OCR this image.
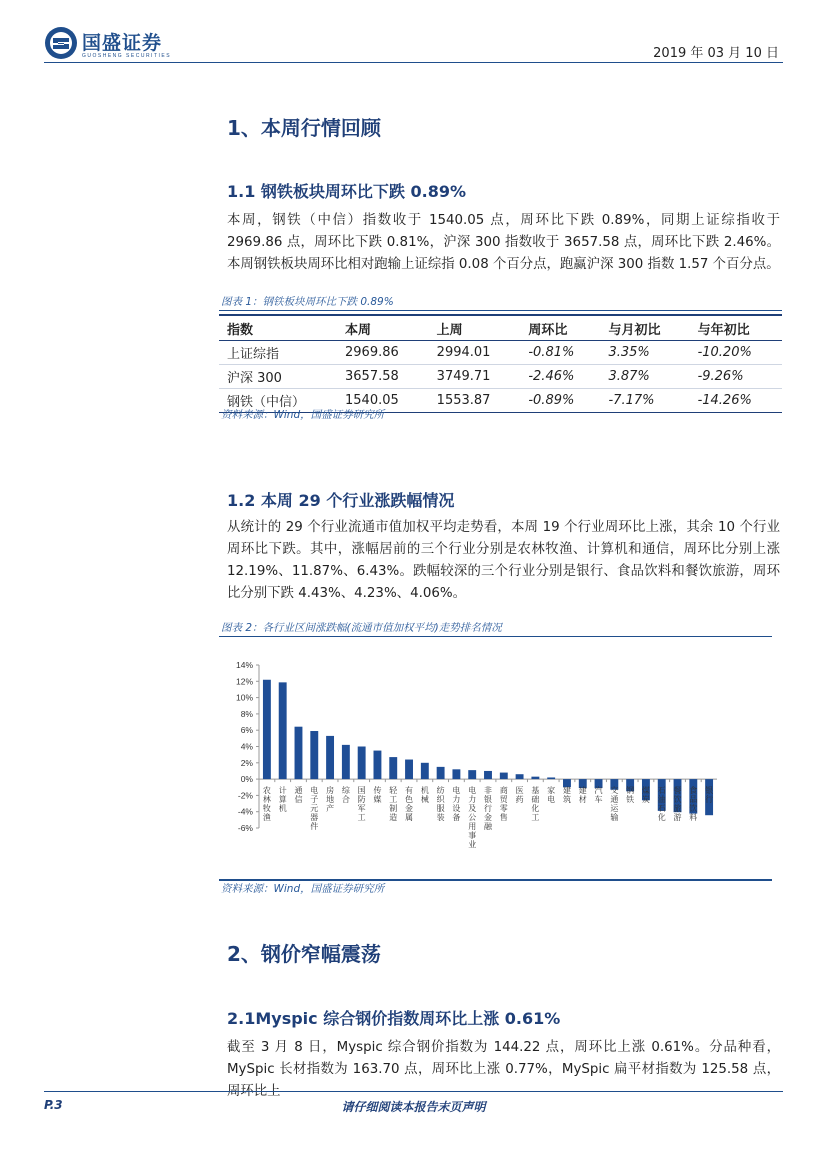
国盛证券
GUOSHENG SECURITIES	2019 年 03 月 10 日
1、本周行情回顾
1.1 钢铁板块周环比下跌 0.89%
本周，钢铁（中信）指数收于 1540.05 点，周环比下跌 0.89%，同期上证综指收于 2969.86 点，周环比下跌 0.81%，沪深 300 指数收于 3657.58 点，周环比下跌 2.46%。本周钢铁板块周环比相对跑输上证综指 0.08 个百分点，跑赢沪深 300 指数 1.57 个百分点。
图表 1：钢铁板块周环比下跌 0.89%
指数	本周	上周	周环比	与月初比	与年初比
上证综指	2969.86	2994.01	-0.81%	3.35%	-10.20%
沪深 300	3657.58	3749.71	-2.46%	3.87%	-9.26%
钢铁（中信）	1540.05	1553.87	-0.89%	-7.17%	-14.26%
资料来源：Wind，国盛证券研究所
1.2 本周 29 个行业涨跌幅情况
从统计的 29 个行业流通市值加权平均走势看，本周 19 个行业周环比上涨，其余 10 个行业周环比下跌。其中，涨幅居前的三个行业分别是农林牧渔、计算机和通信，周环比分别上涨 12.19%、11.87%、6.43%。跌幅较深的三个行业分别是银行、食品饮料和餐饮旅游，周环比分别下跌 4.43%、4.23%、4.06%。
图表 2：各行业区间涨跌幅(流通市值加权平均)走势排名情况
14%
12%
10%
8%
6%
4%
2%
0%
-2%
-4%
-6%
农林牧渔
计算机
通信
电子元器件
房地产
综合
国防军工
传媒
轻工制造
有色金属
机械
纺织服装
电力设备
电力及公用事业
非银行金融
商贸零售
医药
基础化工
家电
建筑
建材
汽车
交通运输
钢铁
煤炭
石油石化
餐饮旅游
食品饮料
银行
资料来源：Wind，国盛证券研究所
2、钢价窄幅震荡
2.1Myspic 综合钢价指数周环比上涨 0.61%
截至 3 月 8 日，Myspic 综合钢价指数为 144.22 点，周环比上涨 0.61%。分品种看，MySpic 长材指数为 163.70 点，周环比上涨 0.77%，MySpic 扁平材指数为 125.58 点，周环比上
P.3	请仔细阅读本报告末页声明
